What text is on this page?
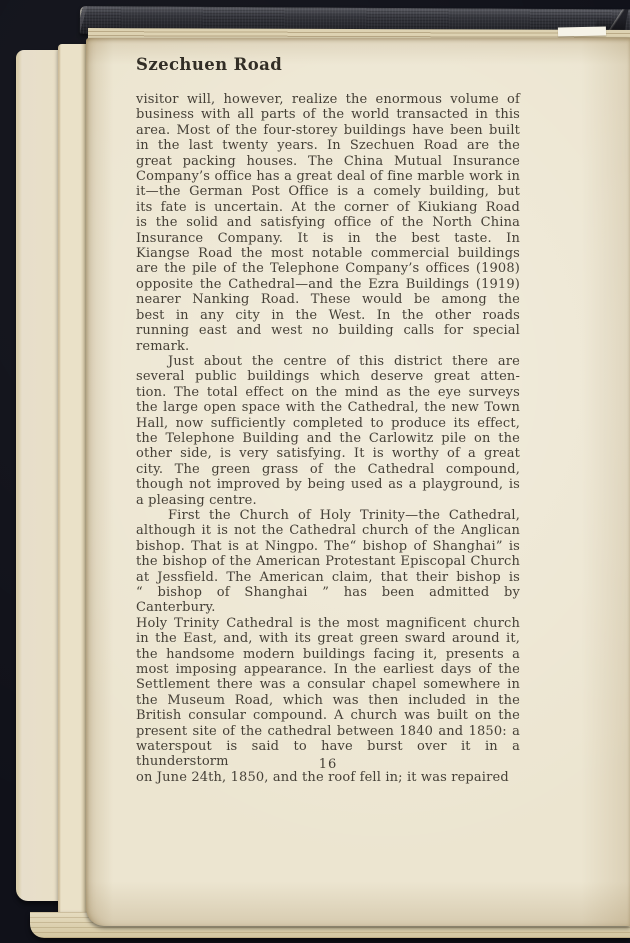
Szechuen Road
visitor will, however, realize the enormous volume of
business with all parts of the world transacted in this
area. Most of the four-storey buildings have been built
in the last twenty years. In Szechuen Road are the
great packing houses. The China Mutual Insurance
Company’s office has a great deal of fine marble work in
it—the German Post Office is a comely building, but
its fate is uncertain. At the corner of Kiukiang Road
is the solid and satisfying office of the North China
Insurance Company. It is in the best taste. In
Kiangse Road the most notable commercial buildings
are the pile of the Telephone Company’s offices (1908)
opposite the Cathedral—and the Ezra Buildings (1919)
nearer Nanking Road. These would be among the
best in any city in the West. In the other roads
running east and west no building calls for special
remark.
Just about the centre of this district there are
several public buildings which deserve great atten-
tion. The total effect on the mind as the eye surveys
the large open space with the Cathedral, the new Town
Hall, now sufficiently completed to produce its effect,
the Telephone Building and the Carlowitz pile on the
other side, is very satisfying. It is worthy of a great
city. The green grass of the Cathedral compound,
though not improved by being used as a playground, is
a pleasing centre.
First the Church of Holy Trinity—the Cathedral,
although it is not the Cathedral church of the Anglican
bishop. That is at Ningpo. The“ bishop of Shanghai” is
the bishop of the American Protestant Episcopal Church
at Jessfield. The American claim, that their bishop is
“ bishop of Shanghai ” has been admitted by Canterbury.
Holy Trinity Cathedral is the most magnificent church
in the East, and, with its great green sward around it,
the handsome modern buildings facing it, presents a
most imposing appearance. In the earliest days of the
Settlement there was a consular chapel somewhere in
the Museum Road, which was then included in the
British consular compound. A church was built on the
present site of the cathedral between 1840 and 1850: a
waterspout is said to have burst over it in a thunderstorm
on June 24th, 1850, and the roof fell in; it was repaired
16
